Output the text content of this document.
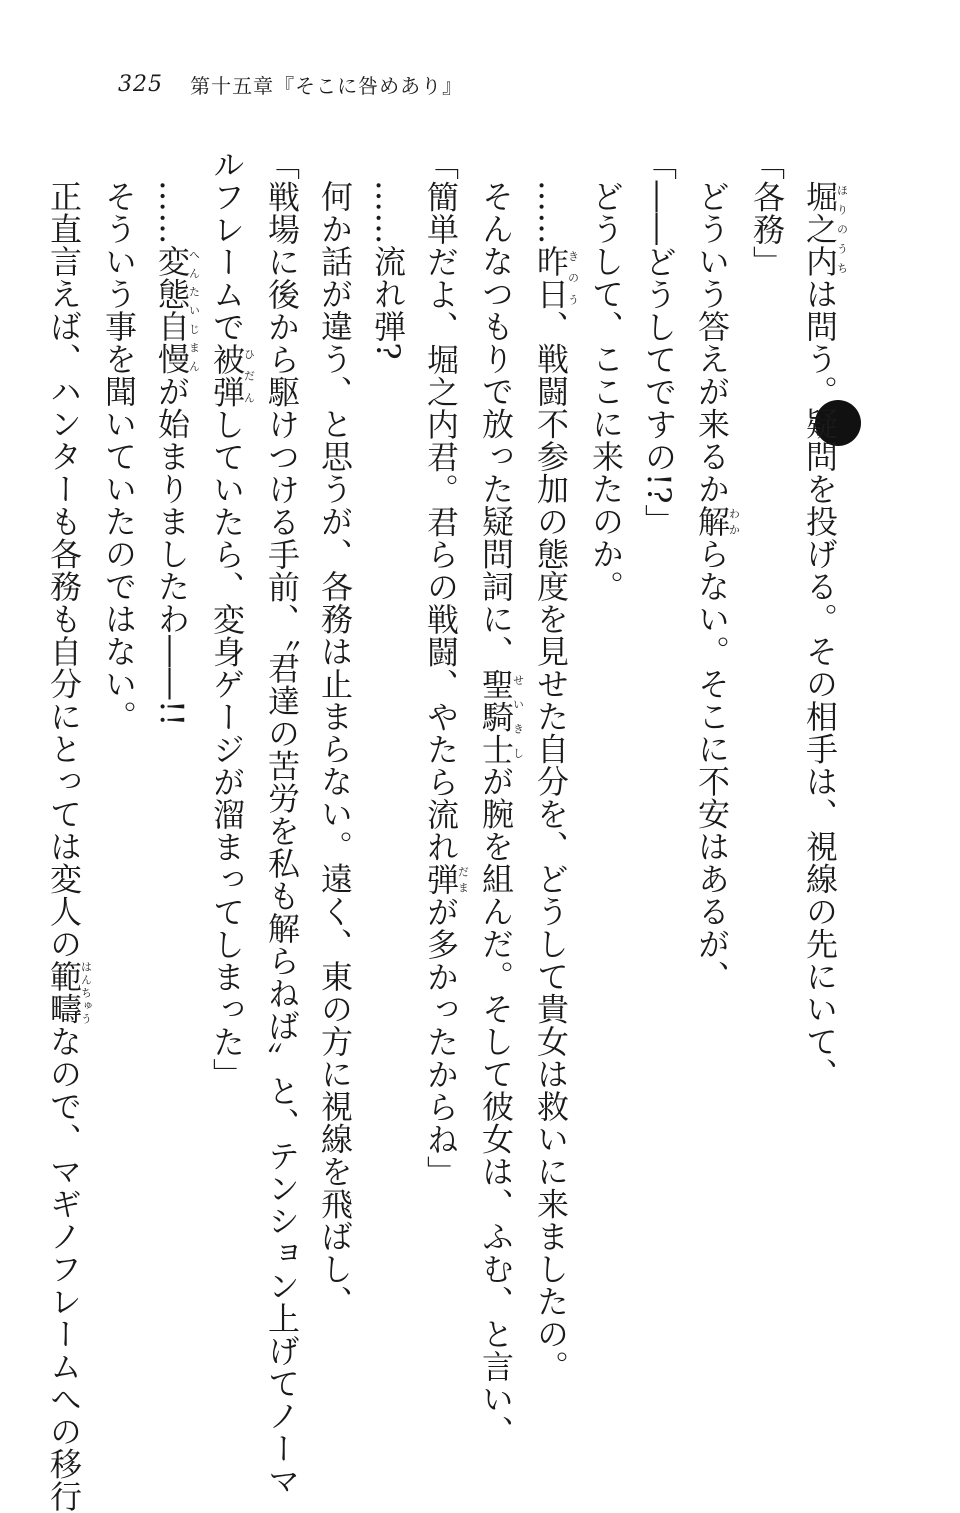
325 第十五章『そこに咎めあり』

堀之内ほりのうちは問う。疑問を投げる。その相手は、視線の先にいて、

「各務」

どういう答えが来るか解わからない。そこに不安はあるが、

「――どうしてですの!?」

どうして、ここに来たのか。

……昨日きのう、戦闘不参加の態度を見せた自分を、どうして貴女は救いに来ましたの。

そんなつもりで放った疑問詞に、聖騎士せいきしが腕を組んだ。そして彼女は、ふむ、と言い、

「簡単だよ、堀之内君。君らの戦闘、やたら流れ弾だまが多かったからね」

……流れ弾?

何か話が違う、と思うが、各務は止まらない。遠く、東の方に視線を飛ばし、

「戦場に後から駆けつける手前、〝君達の苦労を私も解らねば〟と、テンション上げてノーマ

ルフレームで被弾ひだんしていたら、変身ゲージが溜まってしまった」

……変態自慢へんたいじまんが始まりましたわ――!!

そういう事を聞いていたのではない。

正直言えば、ハンターも各務も自分にとっては変人の範疇はんちゅうなので、マギノフレームへの移行
